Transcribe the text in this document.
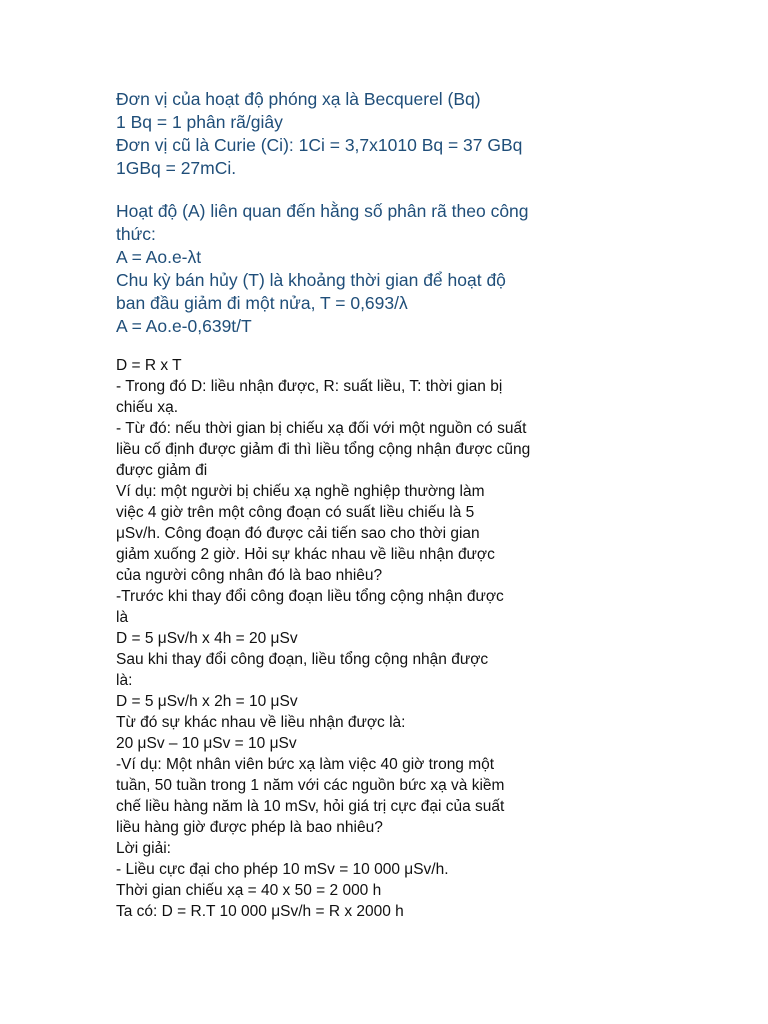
Đơn vị của hoạt độ phóng xạ là Becquerel (Bq)
1 Bq = 1 phân rã/giây
Đơn vị cũ là Curie (Ci): 1Ci = 3,7x1010 Bq = 37 GBq
1GBq = 27mCi.
Hoạt độ (A) liên quan đến hằng số phân rã theo công
thức:
A = Ao.e-λt
Chu kỳ bán hủy (T) là khoảng thời gian để hoạt độ
ban đầu giảm đi một nửa, T = 0,693/λ
A = Ao.e-0,639t/T
D = R x T
- Trong đó D: liều nhận được, R: suất liều, T: thời gian bị
chiếu xạ.
- Từ đó: nếu thời gian bị chiếu xạ đối với một nguồn có suất
liều cố định được giảm đi thì liều tổng cộng nhận được cũng
được giảm đi
Ví dụ: một người bị chiếu xạ nghề nghiệp thường làm
việc 4 giờ trên một công đoạn có suất liều chiếu là 5
μSv/h. Công đoạn đó được cải tiến sao cho thời gian
giảm xuống 2 giờ. Hỏi sự khác nhau về liều nhận được
của người công nhân đó là bao nhiêu?
-Trước khi thay đổi công đoạn liều tổng cộng nhận được
là
D = 5 μSv/h x 4h = 20 μSv
Sau khi thay đổi công đoạn, liều tổng cộng nhận được
là:
D = 5 μSv/h x 2h = 10 μSv
Từ đó sự khác nhau về liều nhận được là:
20 μSv – 10 μSv = 10 μSv
-Ví dụ: Một nhân viên bức xạ làm việc 40 giờ trong một
tuần, 50 tuần trong 1 năm với các nguồn bức xạ và kiềm
chế liều hàng năm là 10 mSv, hỏi giá trị cực đại của suất
liều hàng giờ được phép là bao nhiêu?
Lời giải:
- Liều cực đại cho phép 10 mSv = 10 000 μSv/h.
Thời gian chiếu xạ = 40 x 50 = 2 000 h
Ta có: D = R.T 10 000 μSv/h = R x 2000 h
